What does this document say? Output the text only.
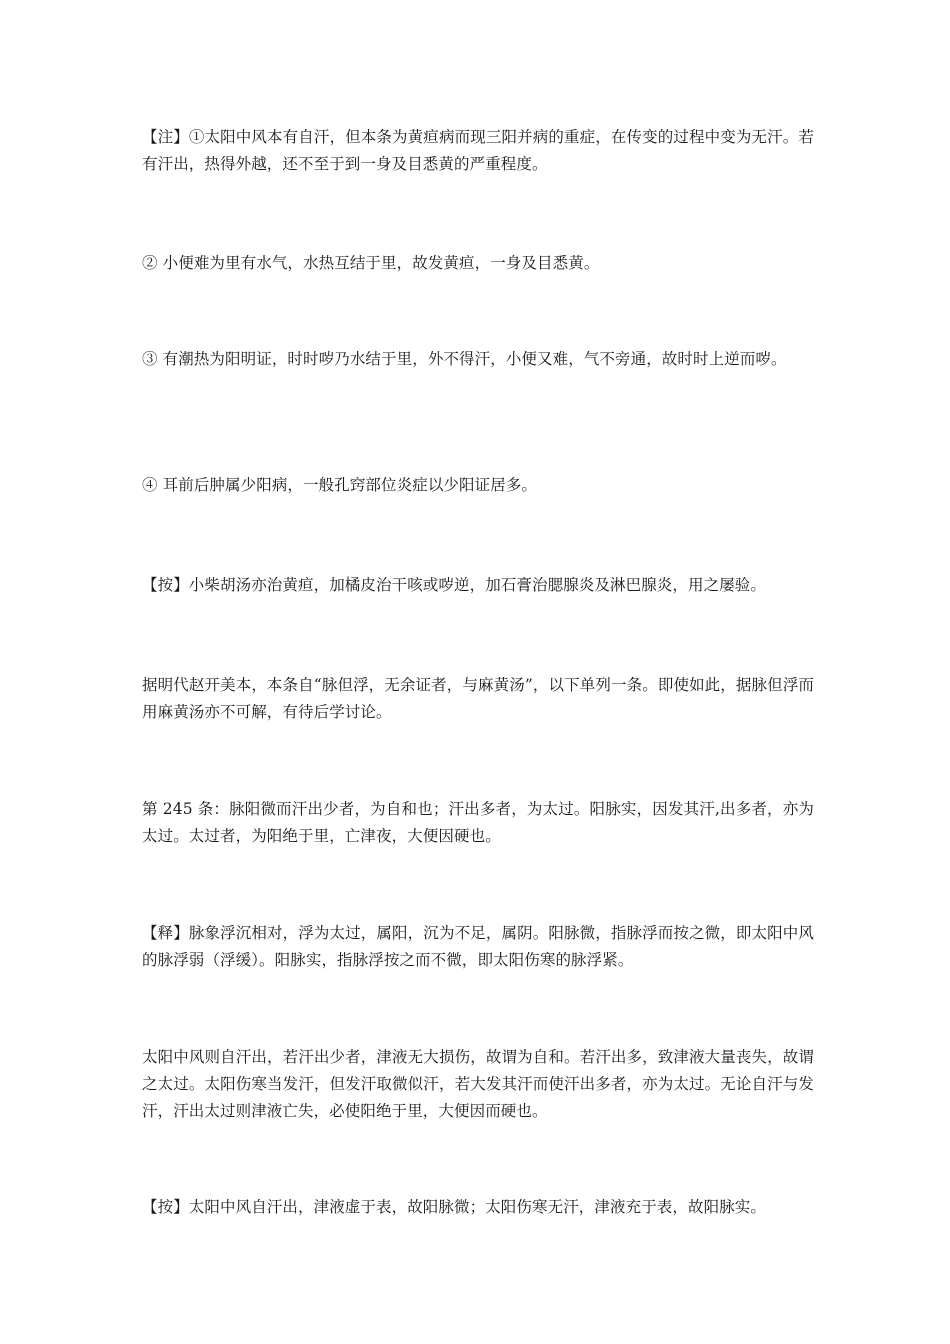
【注】①太阳中风本有自汗，但本条为黄疸病而现三阳并病的重症，在传变的过程中变为无汗。若有汗出，热得外越，还不至于到一身及目悉黄的严重程度。

② 小便难为里有水气，水热互结于里，故发黄疸，一身及目悉黄。

③ 有潮热为阳明证，时时哕乃水结于里，外不得汗，小便又难，气不旁通，故时时上逆而哕。

④ 耳前后肿属少阳病，一般孔窍部位炎症以少阳证居多。

【按】小柴胡汤亦治黄疸，加橘皮治干咳或哕逆，加石膏治腮腺炎及淋巴腺炎，用之屡验。

据明代赵开美本，本条自“脉但浮，无余证者，与麻黄汤”，以下单列一条。即使如此，据脉但浮而用麻黄汤亦不可解，有待后学讨论。

第 245 条：脉阳微而汗出少者，为自和也；汗出多者，为太过。阳脉实，因发其汗,出多者，亦为太过。太过者，为阳绝于里，亡津夜，大便因硬也。

【释】脉象浮沉相对，浮为太过，属阳，沉为不足，属阴。阳脉微，指脉浮而按之微，即太阳中风的脉浮弱（浮缓）。阳脉实，指脉浮按之而不微，即太阳伤寒的脉浮紧。

太阳中风则自汗出，若汗出少者，津液无大损伤，故谓为自和。若汗出多，致津液大量丧失，故谓之太过。太阳伤寒当发汗，但发汗取微似汗，若大发其汗而使汗出多者，亦为太过。无论自汗与发汗，汗出太过则津液亡失，必使阳绝于里，大便因而硬也。

【按】太阳中风自汗出，津液虚于表，故阳脉微；太阳伤寒无汗，津液充于表，故阳脉实。
